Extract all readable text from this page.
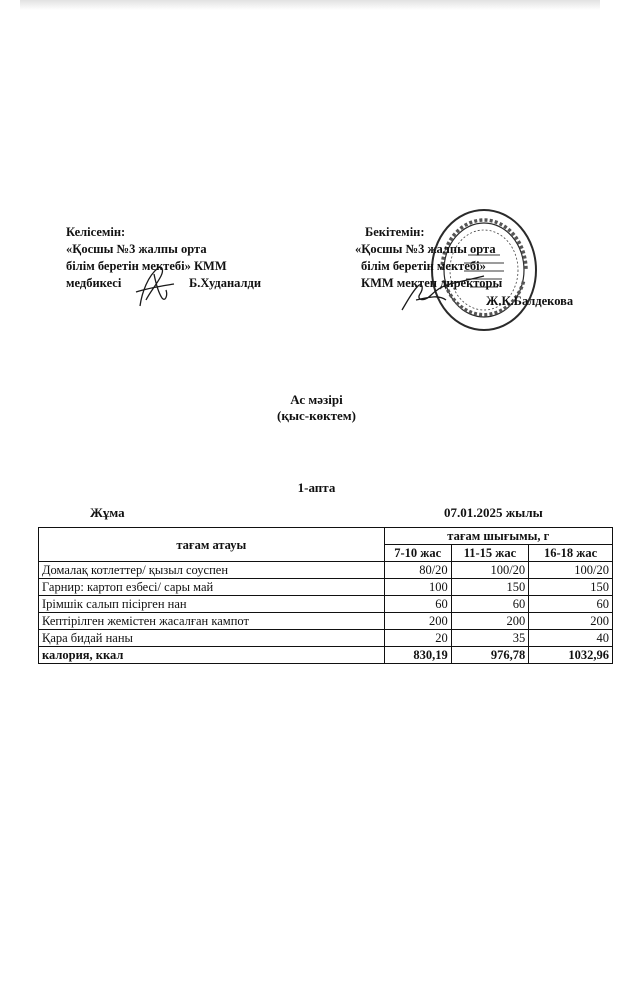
Келісемін:
«Қосшы №3 жалпы орта
білім беретін мектебі» КММ
медбикесі	Б.Худаналди
Бекітемін:
«Қосшы №3 жалпы орта
білім беретін мектебі»
КММ мектеп директоры
Ж.К.Балдекова
Ас мәзірі
(қыс-көктем)
1-апта
Жұма	07.01.2025 жылы
тағам атауы	тағам шығымы, г		
	7-10 жас	11-15 жас	16-18 жас
Домалақ котлеттер/ қызыл соуспен	80/20	100/20	100/20
Гарнир: картоп езбесі/ сары май	100	150	150
Ірімшік салып пісірген нан	60	60	60
Кептірілген жемістен жасалған кампот	200	200	200
Қара бидай наны	20	35	40
калория, ккал	830,19	976,78	1032,96
